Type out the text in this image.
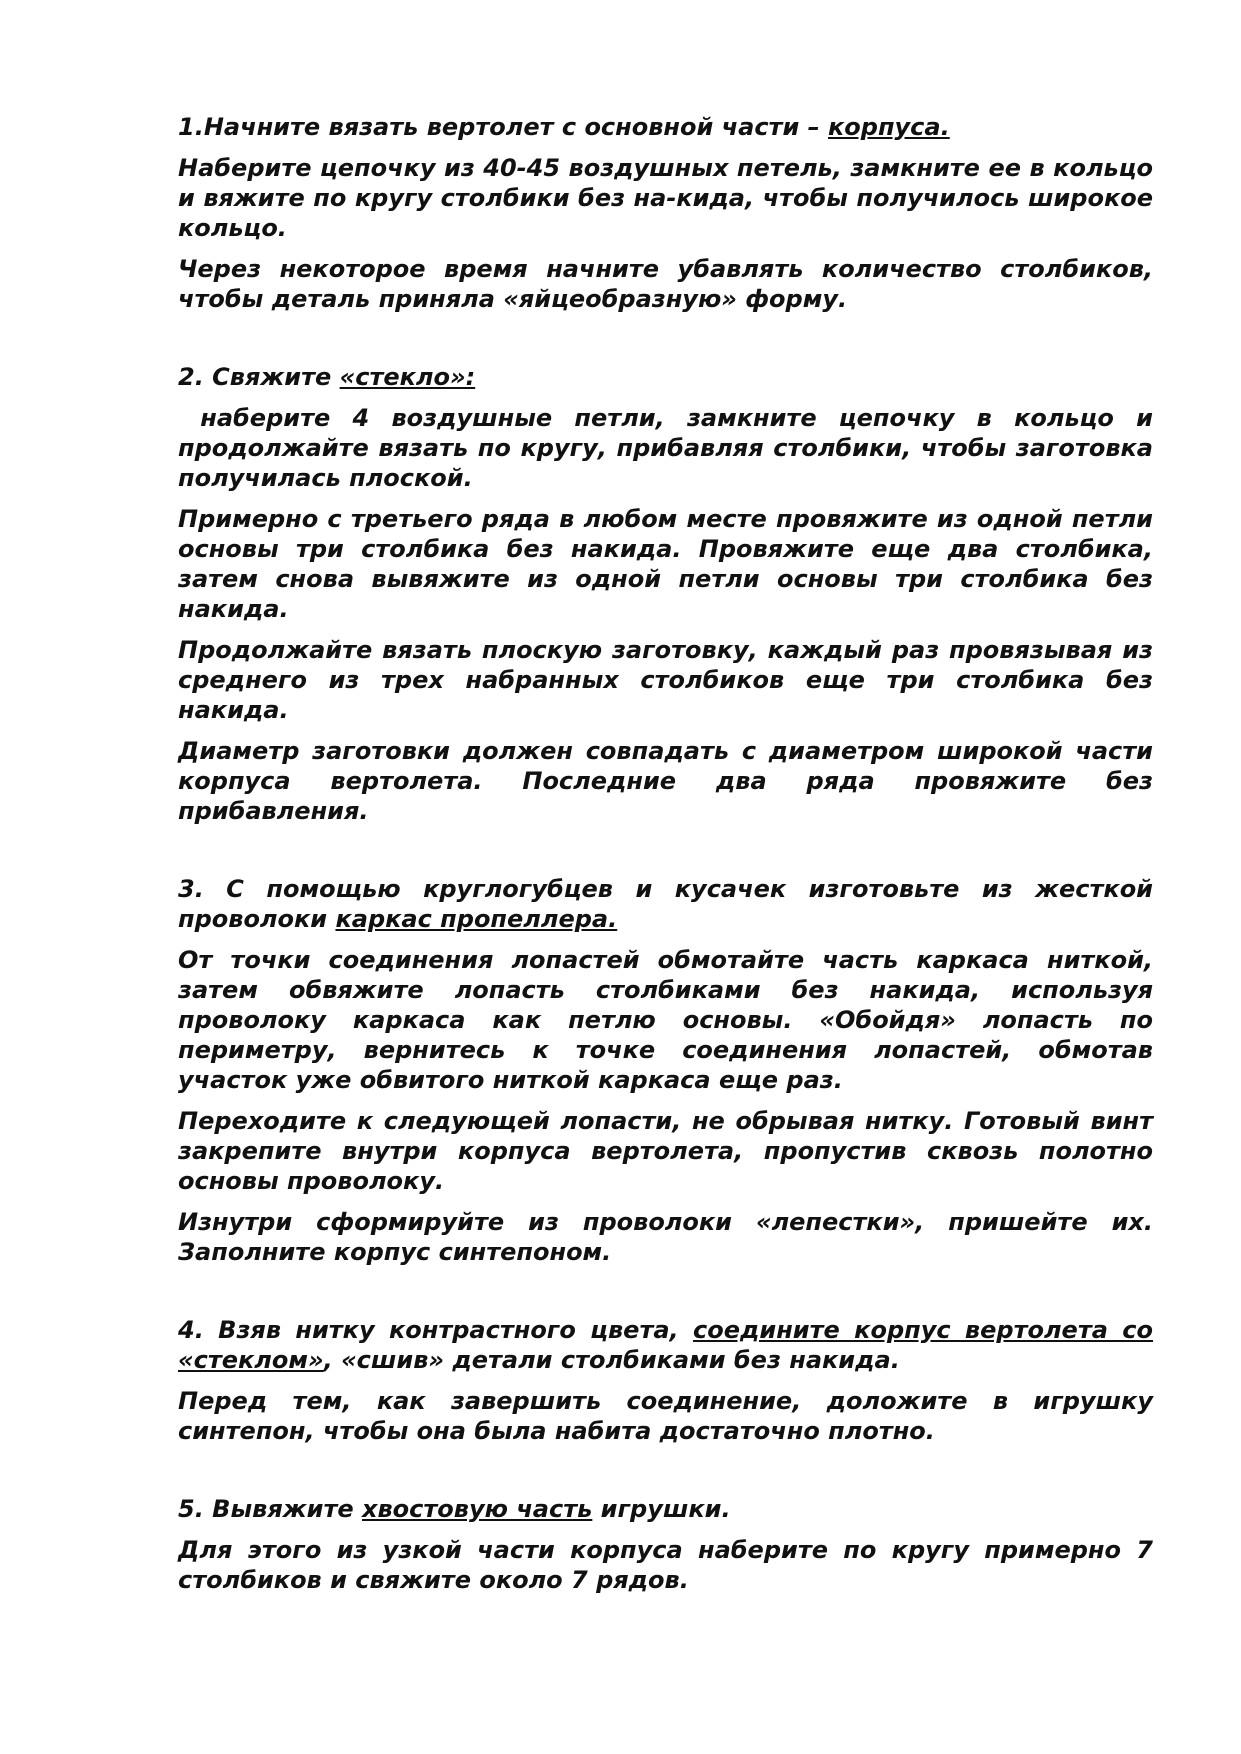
1.Начните вязать вертолет с основной части – корпуса.

Наберите цепочку из 40-45 воздушных петель, замкните ее в кольцо и вяжите по кругу столбики без на-кида, чтобы получилось широкое кольцо.

Через некоторое время начните убавлять количество столбиков, чтобы деталь приняла «яйцеобразную» форму.

2. Свяжите «стекло»:

наберите 4 воздушные петли, замкните цепочку в кольцо и продолжайте вязать по кругу, прибавляя столбики, чтобы заготовка получилась плоской.

Примерно с третьего ряда в любом месте провяжите из одной петли основы три столбика без накида. Провяжите еще два столбика, затем снова вывяжите из одной петли основы три столбика без накида.

Продолжайте вязать плоскую заготовку, каждый раз провязывая из среднего из трех набранных столбиков еще три столбика без накида.

Диаметр заготовки должен совпадать с диаметром широкой части корпуса вертолета. Последние два ряда провяжите без прибавления.

3. С помощью круглогубцев и кусачек изготовьте из жесткой проволоки каркас пропеллера.

От точки соединения лопастей обмотайте часть каркаса ниткой, затем обвяжите лопасть столбиками без накида, используя проволоку каркаса как петлю основы. «Обойдя» лопасть по периметру, вернитесь к точке соединения лопастей, обмотав участок уже обвитого ниткой каркаса еще раз.

Переходите к следующей лопасти, не обрывая нитку. Готовый винт закрепите внутри корпуса вертолета, пропустив сквозь полотно основы проволоку.

Изнутри сформируйте из проволоки «лепестки», пришейте их. Заполните корпус синтепоном.

4. Взяв нитку контрастного цвета, соедините корпус вертолета со «стеклом», «сшив» детали столбиками без накида.

Перед тем, как завершить соединение, доложите в игрушку синтепон, чтобы она была набита достаточно плотно.

5. Вывяжите хвостовую часть игрушки.

Для этого из узкой части корпуса наберите по кругу примерно 7 столбиков и свяжите около 7 рядов.
